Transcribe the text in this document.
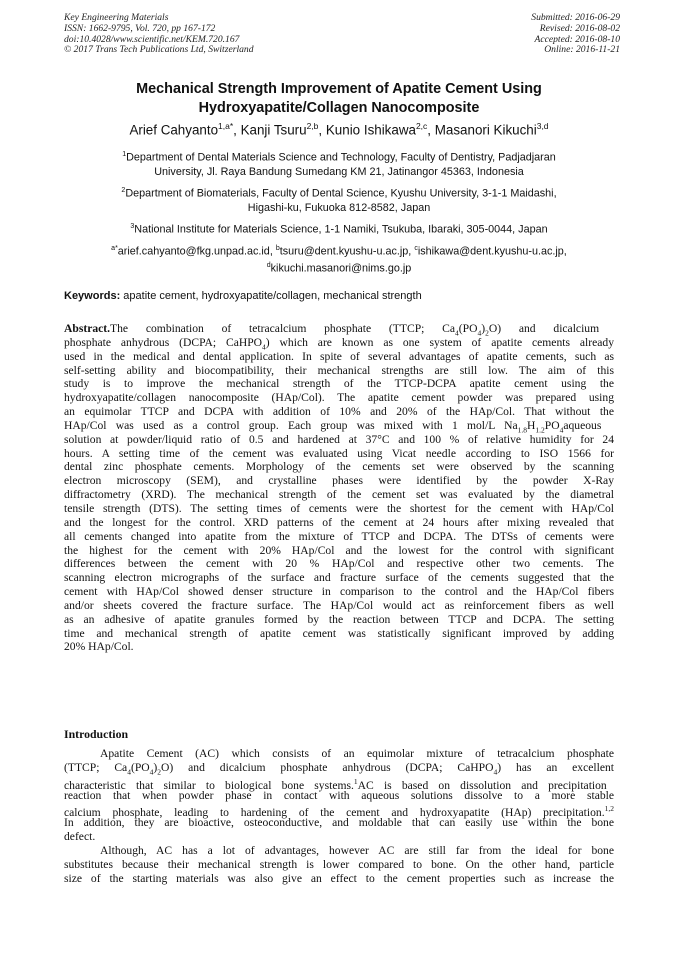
Key Engineering Materials
ISSN: 1662-9795, Vol. 720, pp 167-172
doi:10.4028/www.scientific.net/KEM.720.167
© 2017 Trans Tech Publications Ltd, Switzerland
Submitted: 2016-06-29
Revised: 2016-08-02
Accepted: 2016-08-10
Online: 2016-11-21
Mechanical Strength Improvement of Apatite Cement Using
Hydroxyapatite/Collagen Nanocomposite
Arief Cahyanto$^{1,a*}$, Kanji Tsuru$^{2,b}$, Kunio Ishikawa$^{2,c}$, Masanori Kikuchi$^{3,d}$
$^1$Department of Dental Materials Science and Technology, Faculty of Dentistry, Padjadjaran
University, Jl. Raya Bandung Sumedang KM 21, Jatinangor 45363, Indonesia
$^2$Department of Biomaterials, Faculty of Dental Science, Kyushu University, 3-1-1 Maidashi,
Higashi-ku, Fukuoka 812-8582, Japan
$^3$National Institute for Materials Science, 1-1 Namiki, Tsukuba, Ibaraki, 305-0044, Japan
$^{a*}$arief.cahyanto@fkg.unpad.ac.id, $^b$tsuru@dent.kyushu-u.ac.jp, $^c$ishikawa@dent.kyushu-u.ac.jp,
$^d$kikuchi.masanori@nims.go.jp
Keywords: apatite cement, hydroxyapatite/collagen, mechanical strength
Abstract.The combination of tetracalcium phosphate (TTCP; $Ca_4(PO_4)_2O$) and dicalcium
phosphate anhydrous (DCPA; CaHPO$_4$) which are known as one system of apatite cements already
used in the medical and dental application. In spite of several advantages of apatite cements, such as
self-setting ability and biocompatibility, their mechanical strengths are still low. The aim of this
study is to improve the mechanical strength of the TTCP-DCPA apatite cement using the
hydroxyapatite/collagen nanocomposite (HAp/Col). The apatite cement powder was prepared using
an equimolar TTCP and DCPA with addition of 10% and 20% of the HAp/Col. That without the
HAp/Col was used as a control group. Each group was mixed with 1 mol/L $Na_{1.8}H_{1.2}PO_4aqueous$
solution at powder/liquid ratio of 0.5 and hardened at 37°C and 100 % of relative humidity for 24
hours. A setting time of the cement was evaluated using Vicat needle according to ISO 1566 for
dental zinc phosphate cements. Morphology of the cements set were observed by the scanning
electron microscopy (SEM), and crystalline phases were identified by the powder X-Ray
diffractometry (XRD). The mechanical strength of the cement set was evaluated by the diametral
tensile strength (DTS). The setting times of cements were the shortest for the cement with HAp/Col
and the longest for the control. XRD patterns of the cement at 24 hours after mixing revealed that
all cements changed into apatite from the mixture of TTCP and DCPA. The DTSs of cements were
the highest for the cement with 20% HAp/Col and the lowest for the control with significant
differences between the cement with 20 % HAp/Col and respective other two cements. The
scanning electron micrographs of the surface and fracture surface of the cements suggested that the
cement with HAp/Col showed denser structure in comparison to the control and the HAp/Col fibers
and/or sheets covered the fracture surface. The HAp/Col would act as reinforcement fibers as well
as an adhesive of apatite granules formed by the reaction between TTCP and DCPA. The setting
time and mechanical strength of apatite cement was statistically significant improved by adding
20% HAp/Col.
Introduction
Apatite Cement (AC) which consists of an equimolar mixture of tetracalcium phosphate
(TTCP; $Ca_4(PO_4)_2O$) and dicalcium phosphate anhydrous (DCPA; CaHPO$_4$) has an excellent
characteristic that similar to biological bone systems.$^1$AC is based on dissolution and precipitation
reaction that when powder phase in contact with aqueous solutions dissolve to a more stable
calcium phosphate, leading to hardening of the cement and hydroxyapatite (HAp) precipitation.$^{1,2}$
In addition, they are bioactive, osteoconductive, and moldable that can easily use within the bone
defect.
Although, AC has a lot of advantages, however AC are still far from the ideal for bone
substitutes because their mechanical strength is lower compared to bone. On the other hand, particle
size of the starting materials was also give an effect to the cement properties such as increase the
